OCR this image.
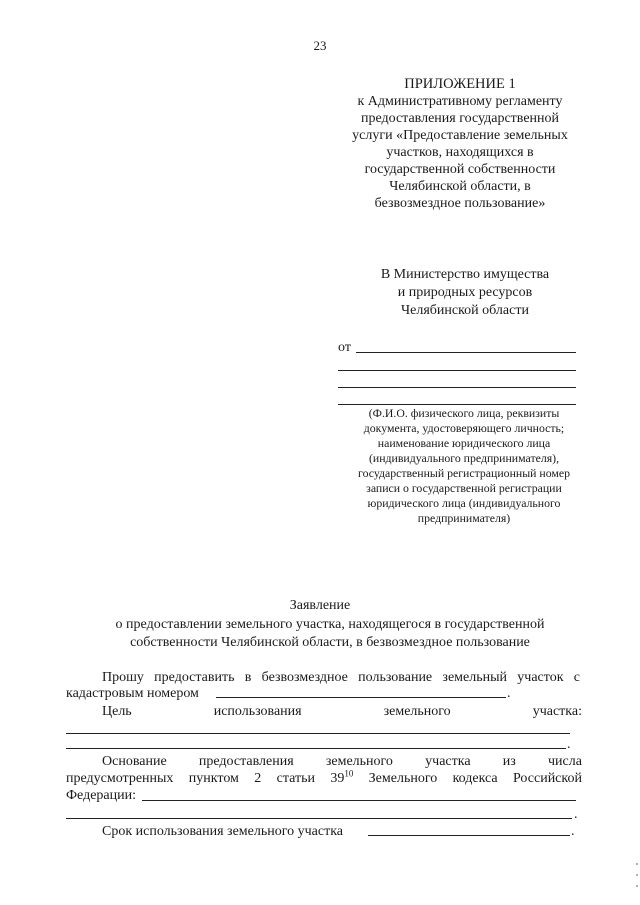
23
ПРИЛОЖЕНИЕ 1
к Административному регламенту
предоставления государственной
услуги «Предоставление земельных
участков, находящихся в
государственной собственности
Челябинской области, в
безвозмездное пользование»
В Министерство имущества
и природных ресурсов
Челябинской области
от
(Ф.И.О. физического лица, реквизиты
документа, удостоверяющего личность;
наименование юридического лица
(индивидуального предпринимателя),
государственный регистрационный номер
записи о государственной регистрации
юридического лица (индивидуального
предпринимателя)
Заявление
о предоставлении земельного участка, находящегося в государственной
собственности Челябинской области, в безвозмездное пользование
Прошу предоставить в безвозмездное пользование земельный участок с
кадастровым номером	.
Цель	использования	земельного	участка:
.
Основание предоставления земельного участка из числа
предусмотренных пунктом 2 статьи $39^{10}$ Земельного кодекса Российской
Федерации:
.
Срок использования земельного участка	.
